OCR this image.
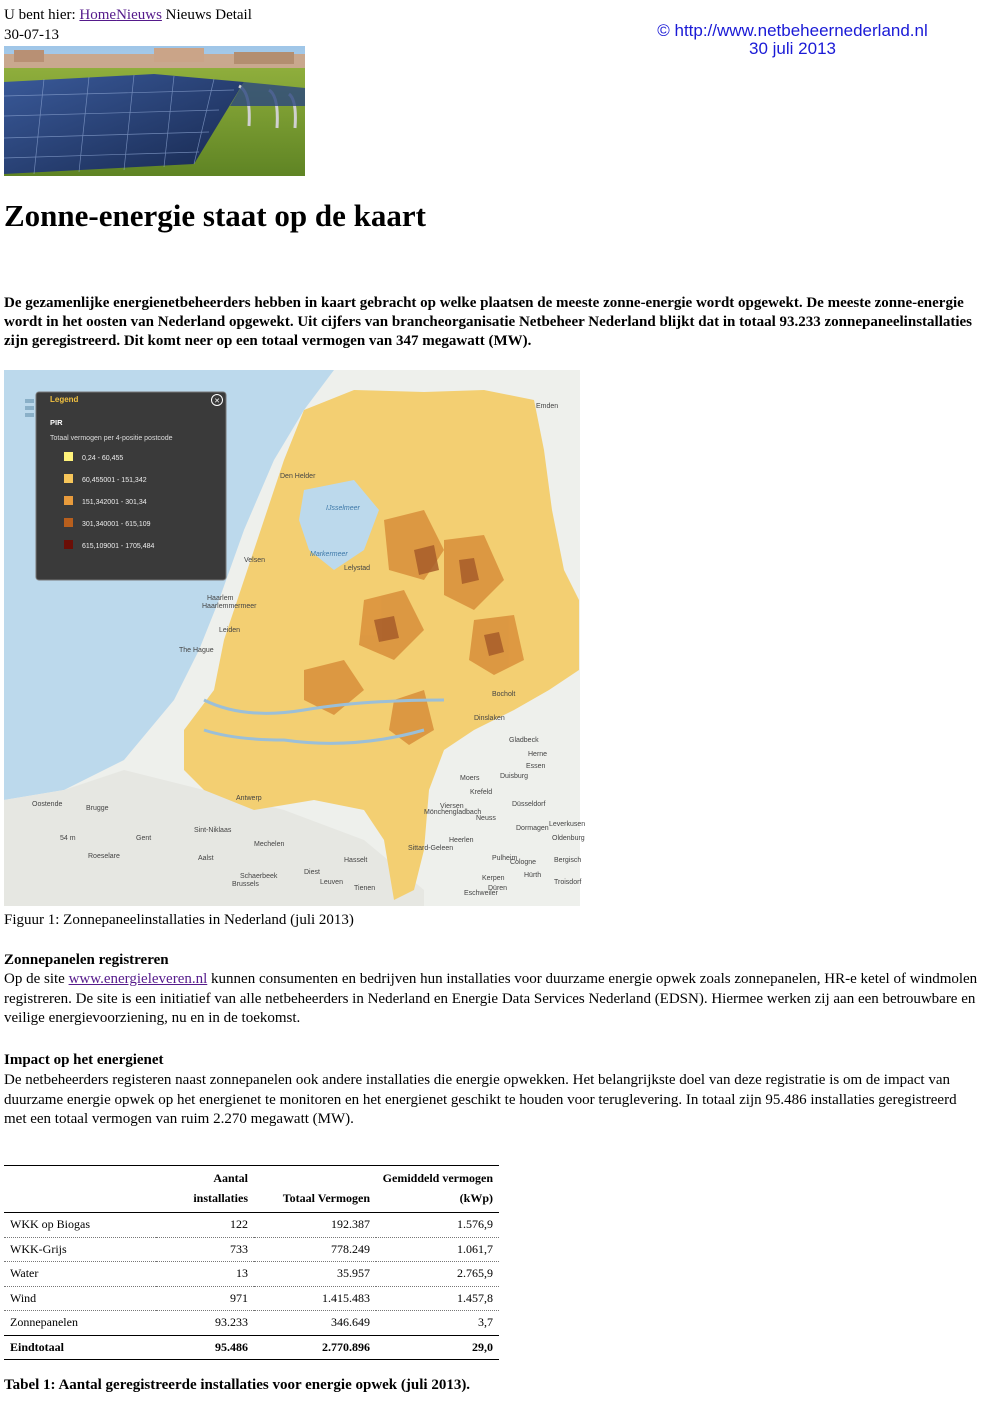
U bent hier: HomeNieuws Nieuws Detail
30-07-13	© http://www.netbeheernederland.nl
30 juli 2013
Zonne-energie staat op de kaart

De gezamenlijke energienetbeheerders hebben in kaart gebracht op welke plaatsen de meeste zonne-energie wordt opgewekt. De meeste zonne-energie wordt in het oosten van Nederland opgewekt. Uit cijfers van brancheorganisatie Netbeheer Nederland blijkt dat in totaal 93.233 zonnepaneelinstallaties zijn geregistreerd. Dit komt neer op een totaal vermogen van 347 megawatt (MW).

Legend	✕
PIR
Totaal vermogen per 4-positie postcode
0,24 - 60,455
60,455001 - 151,342
151,342001 - 301,34
301,340001 - 615,109
615,109001 - 1705,484
Emden
Den Helder
IJsselmeer
Markermeer
Lelystad
Velsen
Haarlem
Haarlemmermeer
Leiden
The Hague
Bocholt
Dinslaken
Gladbeck
Herne
Essen
Duisburg
Moers
Krefeld
Viersen
Mönchengladbach
Neuss
Düsseldorf
Dormagen
Sittard-Geleen
Heerlen
Pulheim
Cologne
Kerpen
Düren
Hürth
Antwerp
Brugge
Oostende
Gent
Roeselare	Aalst	Hasselt
Mechelen
Brussels
Schaerbeek
Leuven
Diest
Tienen
Sint-Niklaas
Oldenburg
Troisdorf
Bergisch
Leverkusen
Eschweiler
54 m
Figuur 1: Zonnepaneelinstallaties in Nederland (juli 2013)
Zonnepanelen registreren

Op de site www.energieleveren.nl kunnen consumenten en bedrijven hun installaties voor duurzame energie opwek zoals zonnepanelen, HR-e ketel of windmolen registreren. De site is een initiatief van alle netbeheerders in Nederland en Energie Data Services Nederland (EDSN). Hiermee werken zij aan een betrouwbare en veilige energievoorziening, nu en in de toekomst.

Impact op het energienet

De netbeheerders registeren naast zonnepanelen ook andere installaties die energie opwekken. Het belangrijkste doel van deze registratie is om de impact van duurzame energie opwek op het energienet te monitoren en het energienet geschikt te houden voor teruglevering. In totaal zijn 95.486 installaties geregistreerd met een totaal vermogen van ruim 2.270 megawatt (MW).

	Aantal installaties	Totaal Vermogen	Gemiddeld vermogen (kWp)
WKK op Biogas	122	192.387	1.576,9
WKK-Grijs	733	778.249	1.061,7
Water	13	35.957	2.765,9
Wind	971	1.415.483	1.457,8
Zonnepanelen	93.233	346.649	3,7
Eindtotaal	95.486	2.770.896	29,0
Tabel 1: Aantal geregistreerde installaties voor energie opwek (juli 2013).
